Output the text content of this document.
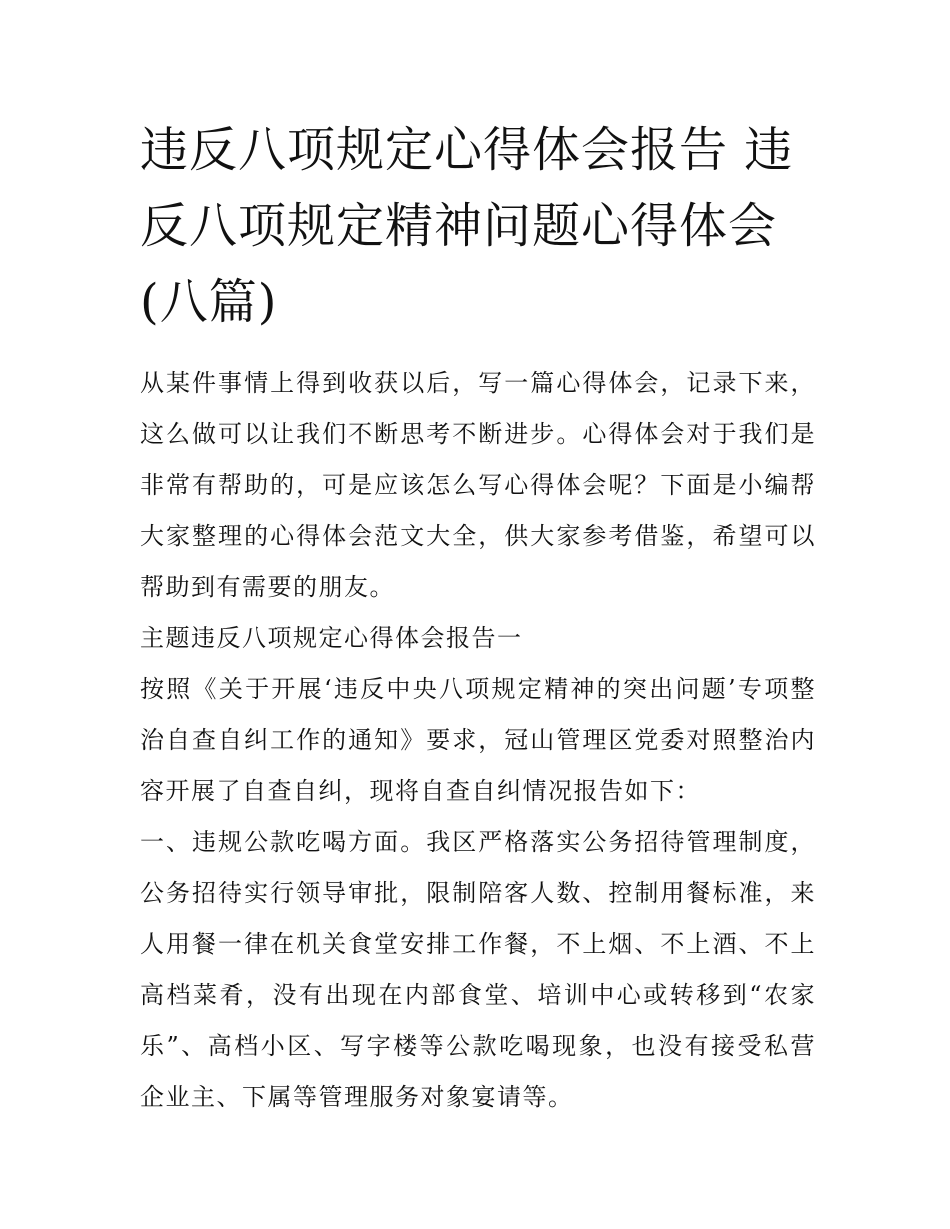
违反八项规定心得体会报告 违反八项规定精神问题心得体会(八篇)

从某件事情上得到收获以后，写一篇心得体会，记录下来，这么做可以让我们不断思考不断进步。心得体会对于我们是非常有帮助的，可是应该怎么写心得体会呢？下面是小编帮大家整理的心得体会范文大全，供大家参考借鉴，希望可以帮助到有需要的朋友。

主题违反八项规定心得体会报告一

按照《关于开展‘违反中央八项规定精神的突出问题’专项整治自查自纠工作的通知》要求，冠山管理区党委对照整治内容开展了自查自纠，现将自查自纠情况报告如下：

一、违规公款吃喝方面。我区严格落实公务招待管理制度，公务招待实行领导审批，限制陪客人数、控制用餐标准，来人用餐一律在机关食堂安排工作餐，不上烟、不上酒、不上高档菜肴，没有出现在内部食堂、培训中心或转移到“农家乐”、高档小区、写字楼等公款吃喝现象，也没有接受私营企业主、下属等管理服务对象宴请等。
